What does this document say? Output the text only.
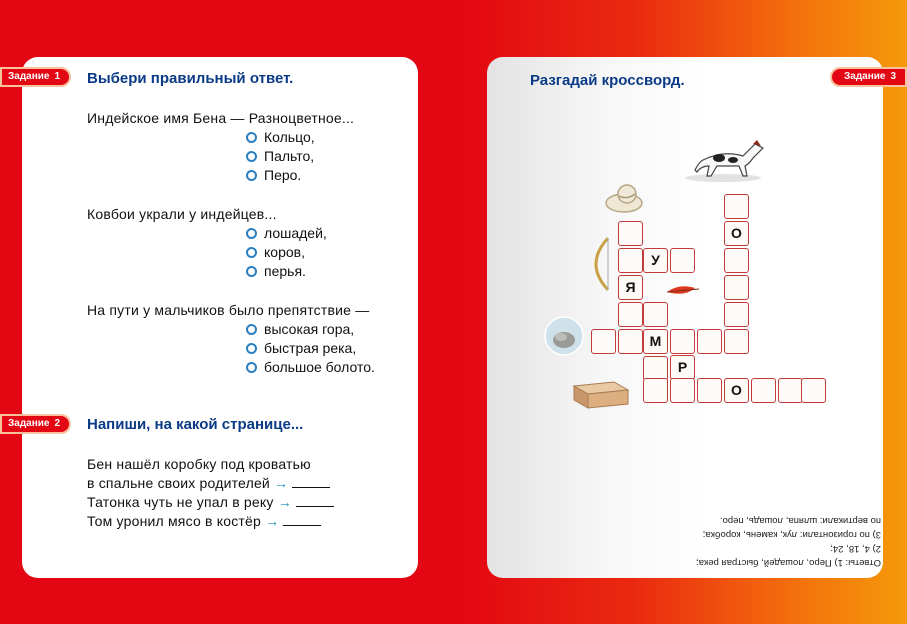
Задание 1	Выбери правильный ответ.
Индейское имя Бена — Разноцветное...
Кольцо,
Пальто,
Перо.
Ковбои украли у индейцев...
лошадей,
коров,
перья.
На пути у мальчиков было препятствие —
высокая гора,
быстрая река,
большое болото.
Задание 2	Напиши, на какой странице...
Бен нашёл коробку под кроватью
в спальне своих родителей →
Татонка чуть не упал в реку →
Том уронил мясо в костёр →
Задание 3
Разгадай кроссворд.
Я
У
М
О
Р
О
Ответы: 1) Перо, лошадей, быстрая река;
2) 4, 18, 24;
3) по горизонтали: лук, камень, коробка;
по вертикали: шляпа, лошадь, перо.
